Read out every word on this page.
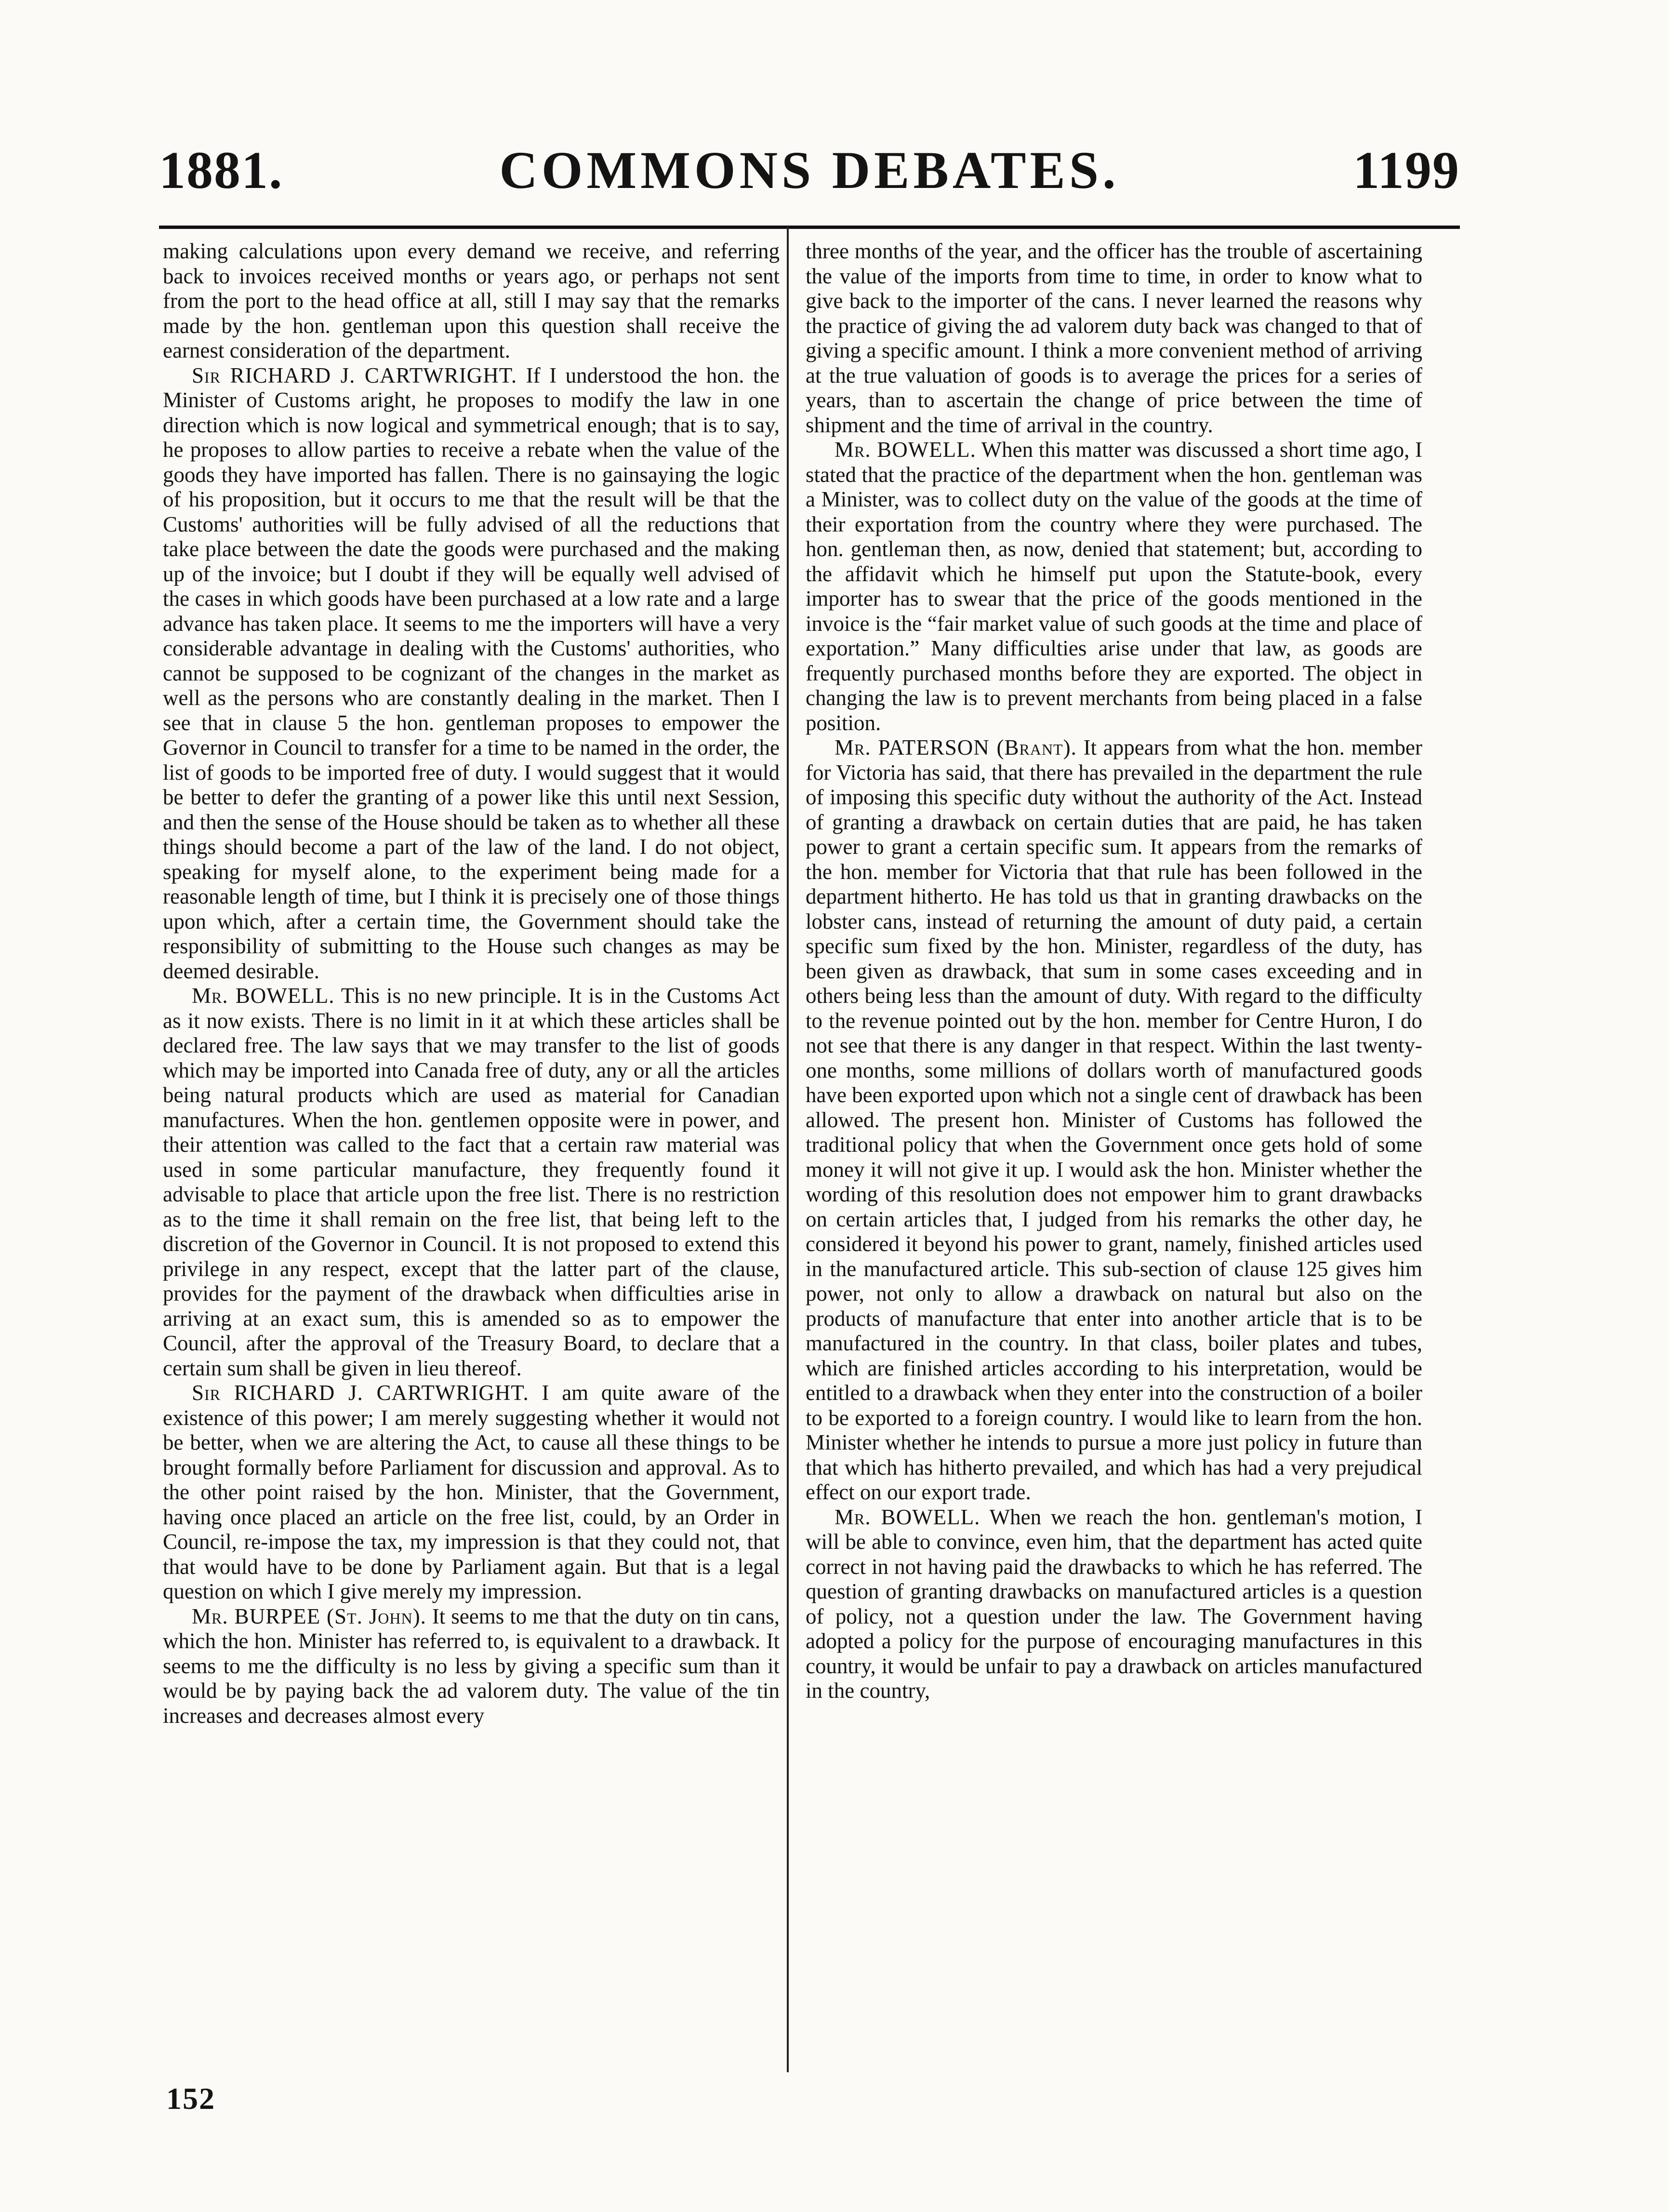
1881.	COMMONS DEBATES.	1199

making calculations upon every demand we receive, and referring back to invoices received months or years ago, or perhaps not sent from the port to the head office at all, still I may say that the remarks made by the hon. gentleman upon this question shall receive the earnest consideration of the department.

Sir RICHARD J. CARTWRIGHT. If I understood the hon. the Minister of Customs aright, he proposes to modify the law in one direction which is now logical and symmetrical enough; that is to say, he proposes to allow parties to receive a rebate when the value of the goods they have imported has fallen. There is no gainsaying the logic of his proposition, but it occurs to me that the result will be that the Customs' authorities will be fully advised of all the reductions that take place between the date the goods were purchased and the making up of the invoice; but I doubt if they will be equally well advised of the cases in which goods have been purchased at a low rate and a large advance has taken place. It seems to me the importers will have a very considerable advantage in dealing with the Customs' authorities, who cannot be supposed to be cognizant of the changes in the market as well as the persons who are constantly dealing in the market. Then I see that in clause 5 the hon. gentleman proposes to empower the Governor in Council to transfer for a time to be named in the order, the list of goods to be imported free of duty. I would suggest that it would be better to defer the granting of a power like this until next Session, and then the sense of the House should be taken as to whether all these things should become a part of the law of the land. I do not object, speaking for myself alone, to the experiment being made for a reasonable length of time, but I think it is precisely one of those things upon which, after a certain time, the Government should take the responsibility of submitting to the House such changes as may be deemed desirable.

Mr. BOWELL. This is no new principle. It is in the Customs Act as it now exists. There is no limit in it at which these articles shall be declared free. The law says that we may transfer to the list of goods which may be imported into Canada free of duty, any or all the articles being natural products which are used as material for Canadian manufactures. When the hon. gentlemen opposite were in power, and their attention was called to the fact that a certain raw material was used in some particular manufacture, they frequently found it advisable to place that article upon the free list. There is no restriction as to the time it shall remain on the free list, that being left to the discretion of the Governor in Council. It is not proposed to extend this privilege in any respect, except that the latter part of the clause, provides for the payment of the drawback when difficulties arise in arriving at an exact sum, this is amended so as to empower the Council, after the approval of the Treasury Board, to declare that a certain sum shall be given in lieu thereof.

Sir RICHARD J. CARTWRIGHT. I am quite aware of the existence of this power; I am merely suggesting whether it would not be better, when we are altering the Act, to cause all these things to be brought formally before Parliament for discussion and approval. As to the other point raised by the hon. Minister, that the Government, having once placed an article on the free list, could, by an Order in Council, re-impose the tax, my impression is that they could not, that that would have to be done by Parliament again. But that is a legal question on which I give merely my impression.

Mr. BURPEE (St. John). It seems to me that the duty on tin cans, which the hon. Minister has referred to, is equivalent to a drawback. It seems to me the difficulty is no less by giving a specific sum than it would be by paying back the ad valorem duty. The value of the tin increases and decreases almost every

three months of the year, and the officer has the trouble of ascertaining the value of the imports from time to time, in order to know what to give back to the importer of the cans. I never learned the reasons why the practice of giving the ad valorem duty back was changed to that of giving a specific amount. I think a more convenient method of arriving at the true valuation of goods is to average the prices for a series of years, than to ascertain the change of price between the time of shipment and the time of arrival in the country.

Mr. BOWELL. When this matter was discussed a short time ago, I stated that the practice of the department when the hon. gentleman was a Minister, was to collect duty on the value of the goods at the time of their exportation from the country where they were purchased. The hon. gentleman then, as now, denied that statement; but, according to the affidavit which he himself put upon the Statute-book, every importer has to swear that the price of the goods mentioned in the invoice is the “fair market value of such goods at the time and place of exportation.” Many difficulties arise under that law, as goods are frequently purchased months before they are exported. The object in changing the law is to prevent merchants from being placed in a false position.

Mr. PATERSON (Brant). It appears from what the hon. member for Victoria has said, that there has prevailed in the department the rule of imposing this specific duty without the authority of the Act. Instead of granting a drawback on certain duties that are paid, he has taken power to grant a certain specific sum. It appears from the remarks of the hon. member for Victoria that that rule has been followed in the department hitherto. He has told us that in granting drawbacks on the lobster cans, instead of returning the amount of duty paid, a certain specific sum fixed by the hon. Minister, regardless of the duty, has been given as drawback, that sum in some cases exceeding and in others being less than the amount of duty. With regard to the difficulty to the revenue pointed out by the hon. member for Centre Huron, I do not see that there is any danger in that respect. Within the last twenty-one months, some millions of dollars worth of manufactured goods have been exported upon which not a single cent of drawback has been allowed. The present hon. Minister of Customs has followed the traditional policy that when the Government once gets hold of some money it will not give it up. I would ask the hon. Minister whether the wording of this resolution does not empower him to grant drawbacks on certain articles that, I judged from his remarks the other day, he considered it beyond his power to grant, namely, finished articles used in the manufactured article. This sub-section of clause 125 gives him power, not only to allow a drawback on natural but also on the products of manufacture that enter into another article that is to be manufactured in the country. In that class, boiler plates and tubes, which are finished articles according to his interpretation, would be entitled to a drawback when they enter into the construction of a boiler to be exported to a foreign country. I would like to learn from the hon. Minister whether he intends to pursue a more just policy in future than that which has hitherto prevailed, and which has had a very prejudical effect on our export trade.

Mr. BOWELL. When we reach the hon. gentleman's motion, I will be able to convince, even him, that the department has acted quite correct in not having paid the drawbacks to which he has referred. The question of granting drawbacks on manufactured articles is a question of policy, not a question under the law. The Government having adopted a policy for the purpose of encouraging manufactures in this country, it would be unfair to pay a drawback on articles manufactured in the country,

152
